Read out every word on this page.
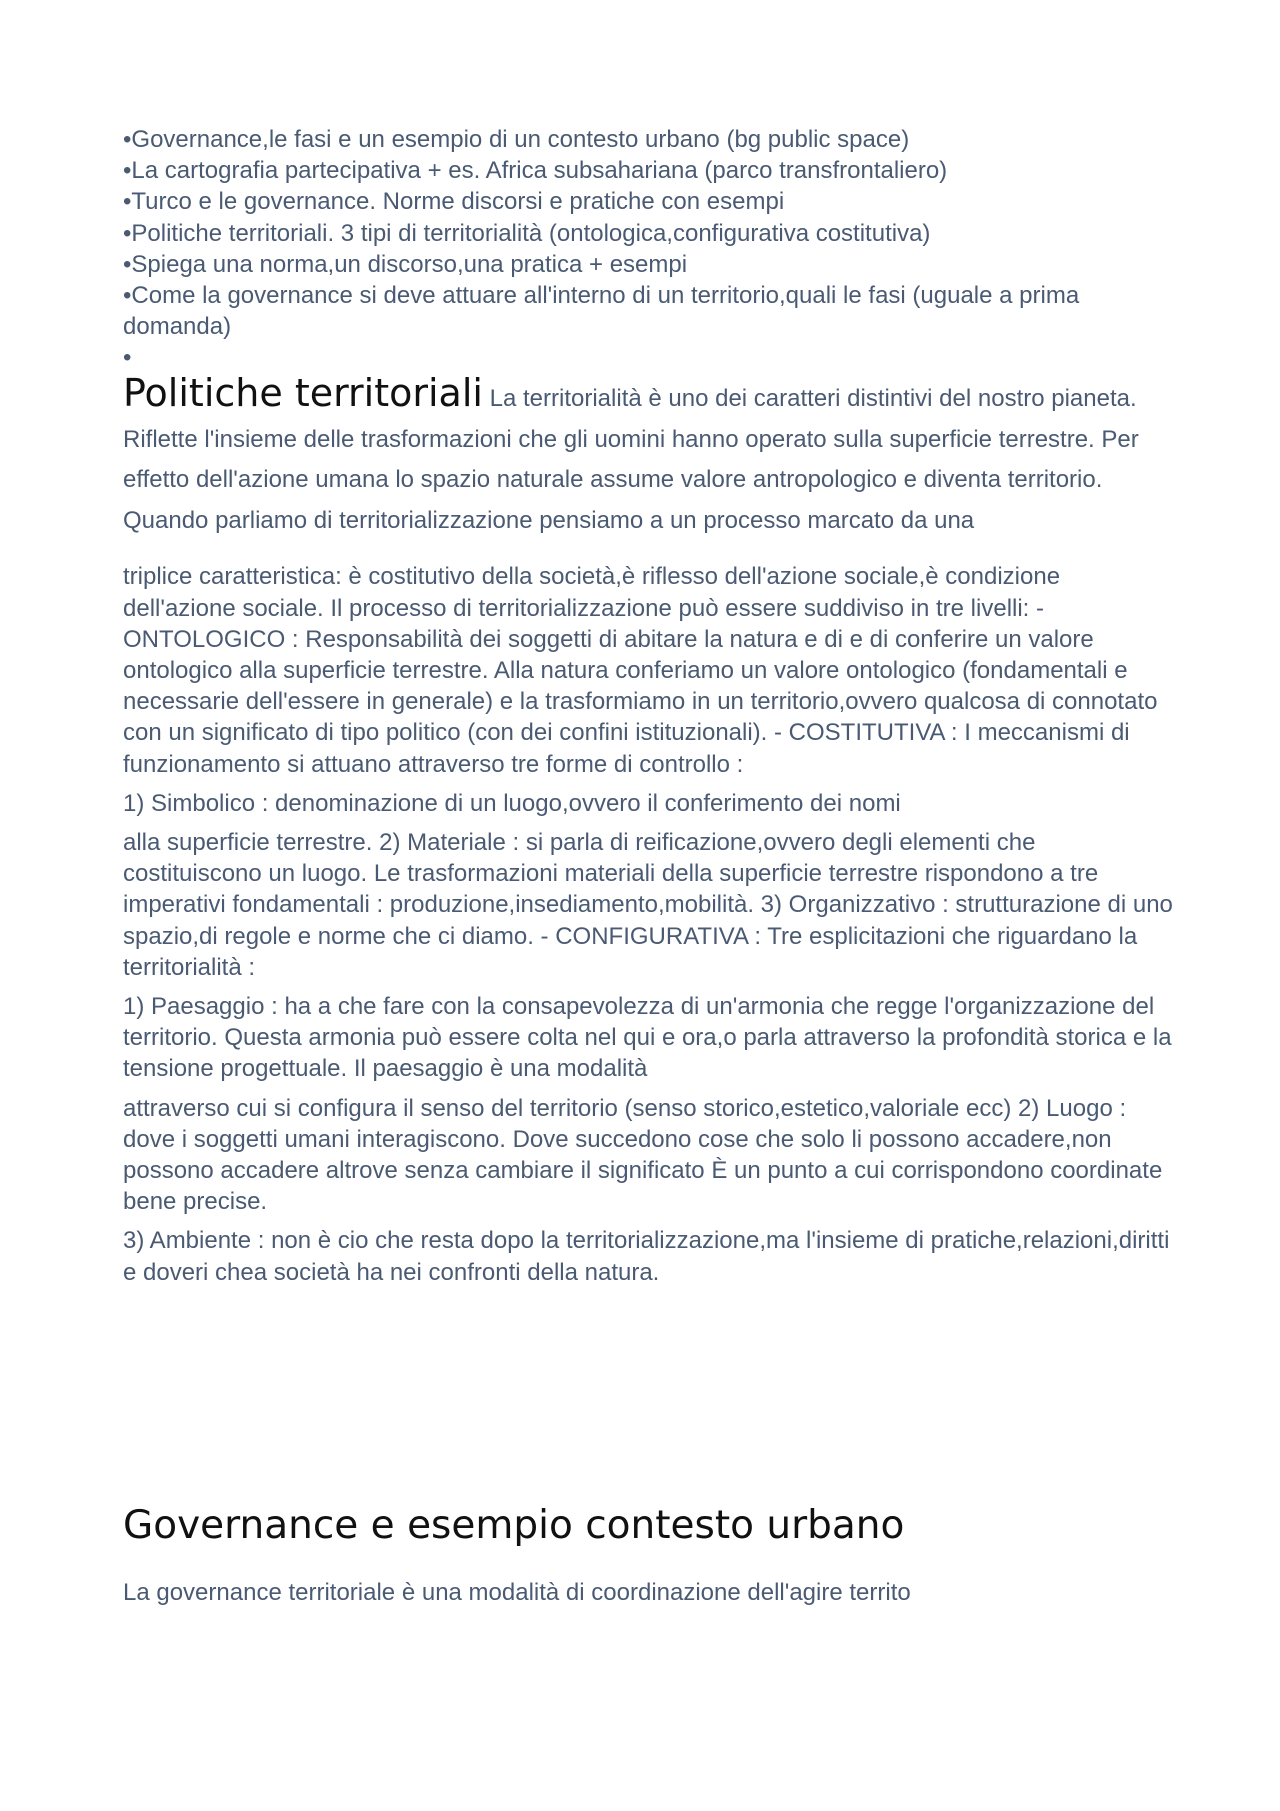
• Governance,le fasi e un esempio di un contesto urbano (bg public space)
• La cartografia partecipativa + es. Africa subsahariana (parco transfrontaliero)
• Turco e le governance. Norme discorsi e pratiche con esempi
• Politiche territoriali. 3 tipi di territorialità (ontologica,configurativa costitutiva)
• Spiega una norma,un discorso,una pratica + esempi
• Come la governance si deve attuare all'interno di un territorio,quali le fasi (uguale a prima domanda)
•

Politiche territoriali La territorialità è uno dei caratteri distintivi del nostro pianeta. Riflette l'insieme delle trasformazioni che gli uomini hanno operato sulla superficie terrestre. Per effetto dell'azione umana lo spazio naturale assume valore antropologico e diventa territorio. Quando parliamo di territorializzazione pensiamo a un processo marcato da una

triplice caratteristica: è costitutivo della società,è riflesso dell'azione sociale,è condizione dell'azione sociale. Il processo di territorializzazione può essere suddiviso in tre livelli: - ONTOLOGICO : Responsabilità dei soggetti di abitare la natura e di e di conferire un valore ontologico alla superficie terrestre. Alla natura conferiamo un valore ontologico (fondamentali e necessarie dell'essere in generale) e la trasformiamo in un territorio,ovvero qualcosa di connotato con un significato di tipo politico (con dei confini istituzionali). - COSTITUTIVA : I meccanismi di funzionamento si attuano attraverso tre forme di controllo :

1) Simbolico : denominazione di un luogo,ovvero il conferimento dei nomi

alla superficie terrestre. 2) Materiale : si parla di reificazione,ovvero degli elementi che costituiscono un luogo. Le trasformazioni materiali della superficie terrestre rispondono a tre imperativi fondamentali : produzione,insediamento,mobilità. 3) Organizzativo : strutturazione di uno spazio,di regole e norme che ci diamo. - CONFIGURATIVA : Tre esplicitazioni che riguardano la territorialità :

1) Paesaggio : ha a che fare con la consapevolezza di un'armonia che regge l'organizzazione del territorio. Questa armonia può essere colta nel qui e ora,o parla attraverso la profondità storica e la tensione progettuale. Il paesaggio è una modalità

attraverso cui si configura il senso del territorio (senso storico,estetico,valoriale ecc) 2) Luogo : dove i soggetti umani interagiscono. Dove succedono cose che solo li possono accadere,non possono accadere altrove senza cambiare il significato È un punto a cui corrispondono coordinate bene precise.

3) Ambiente : non è cio che resta dopo la territorializzazione,ma l'insieme di pratiche,relazioni,diritti e doveri chea società ha nei confronti della natura.

Governance e esempio contesto urbano

La governance territoriale è una modalità di coordinazione dell'agire territo
